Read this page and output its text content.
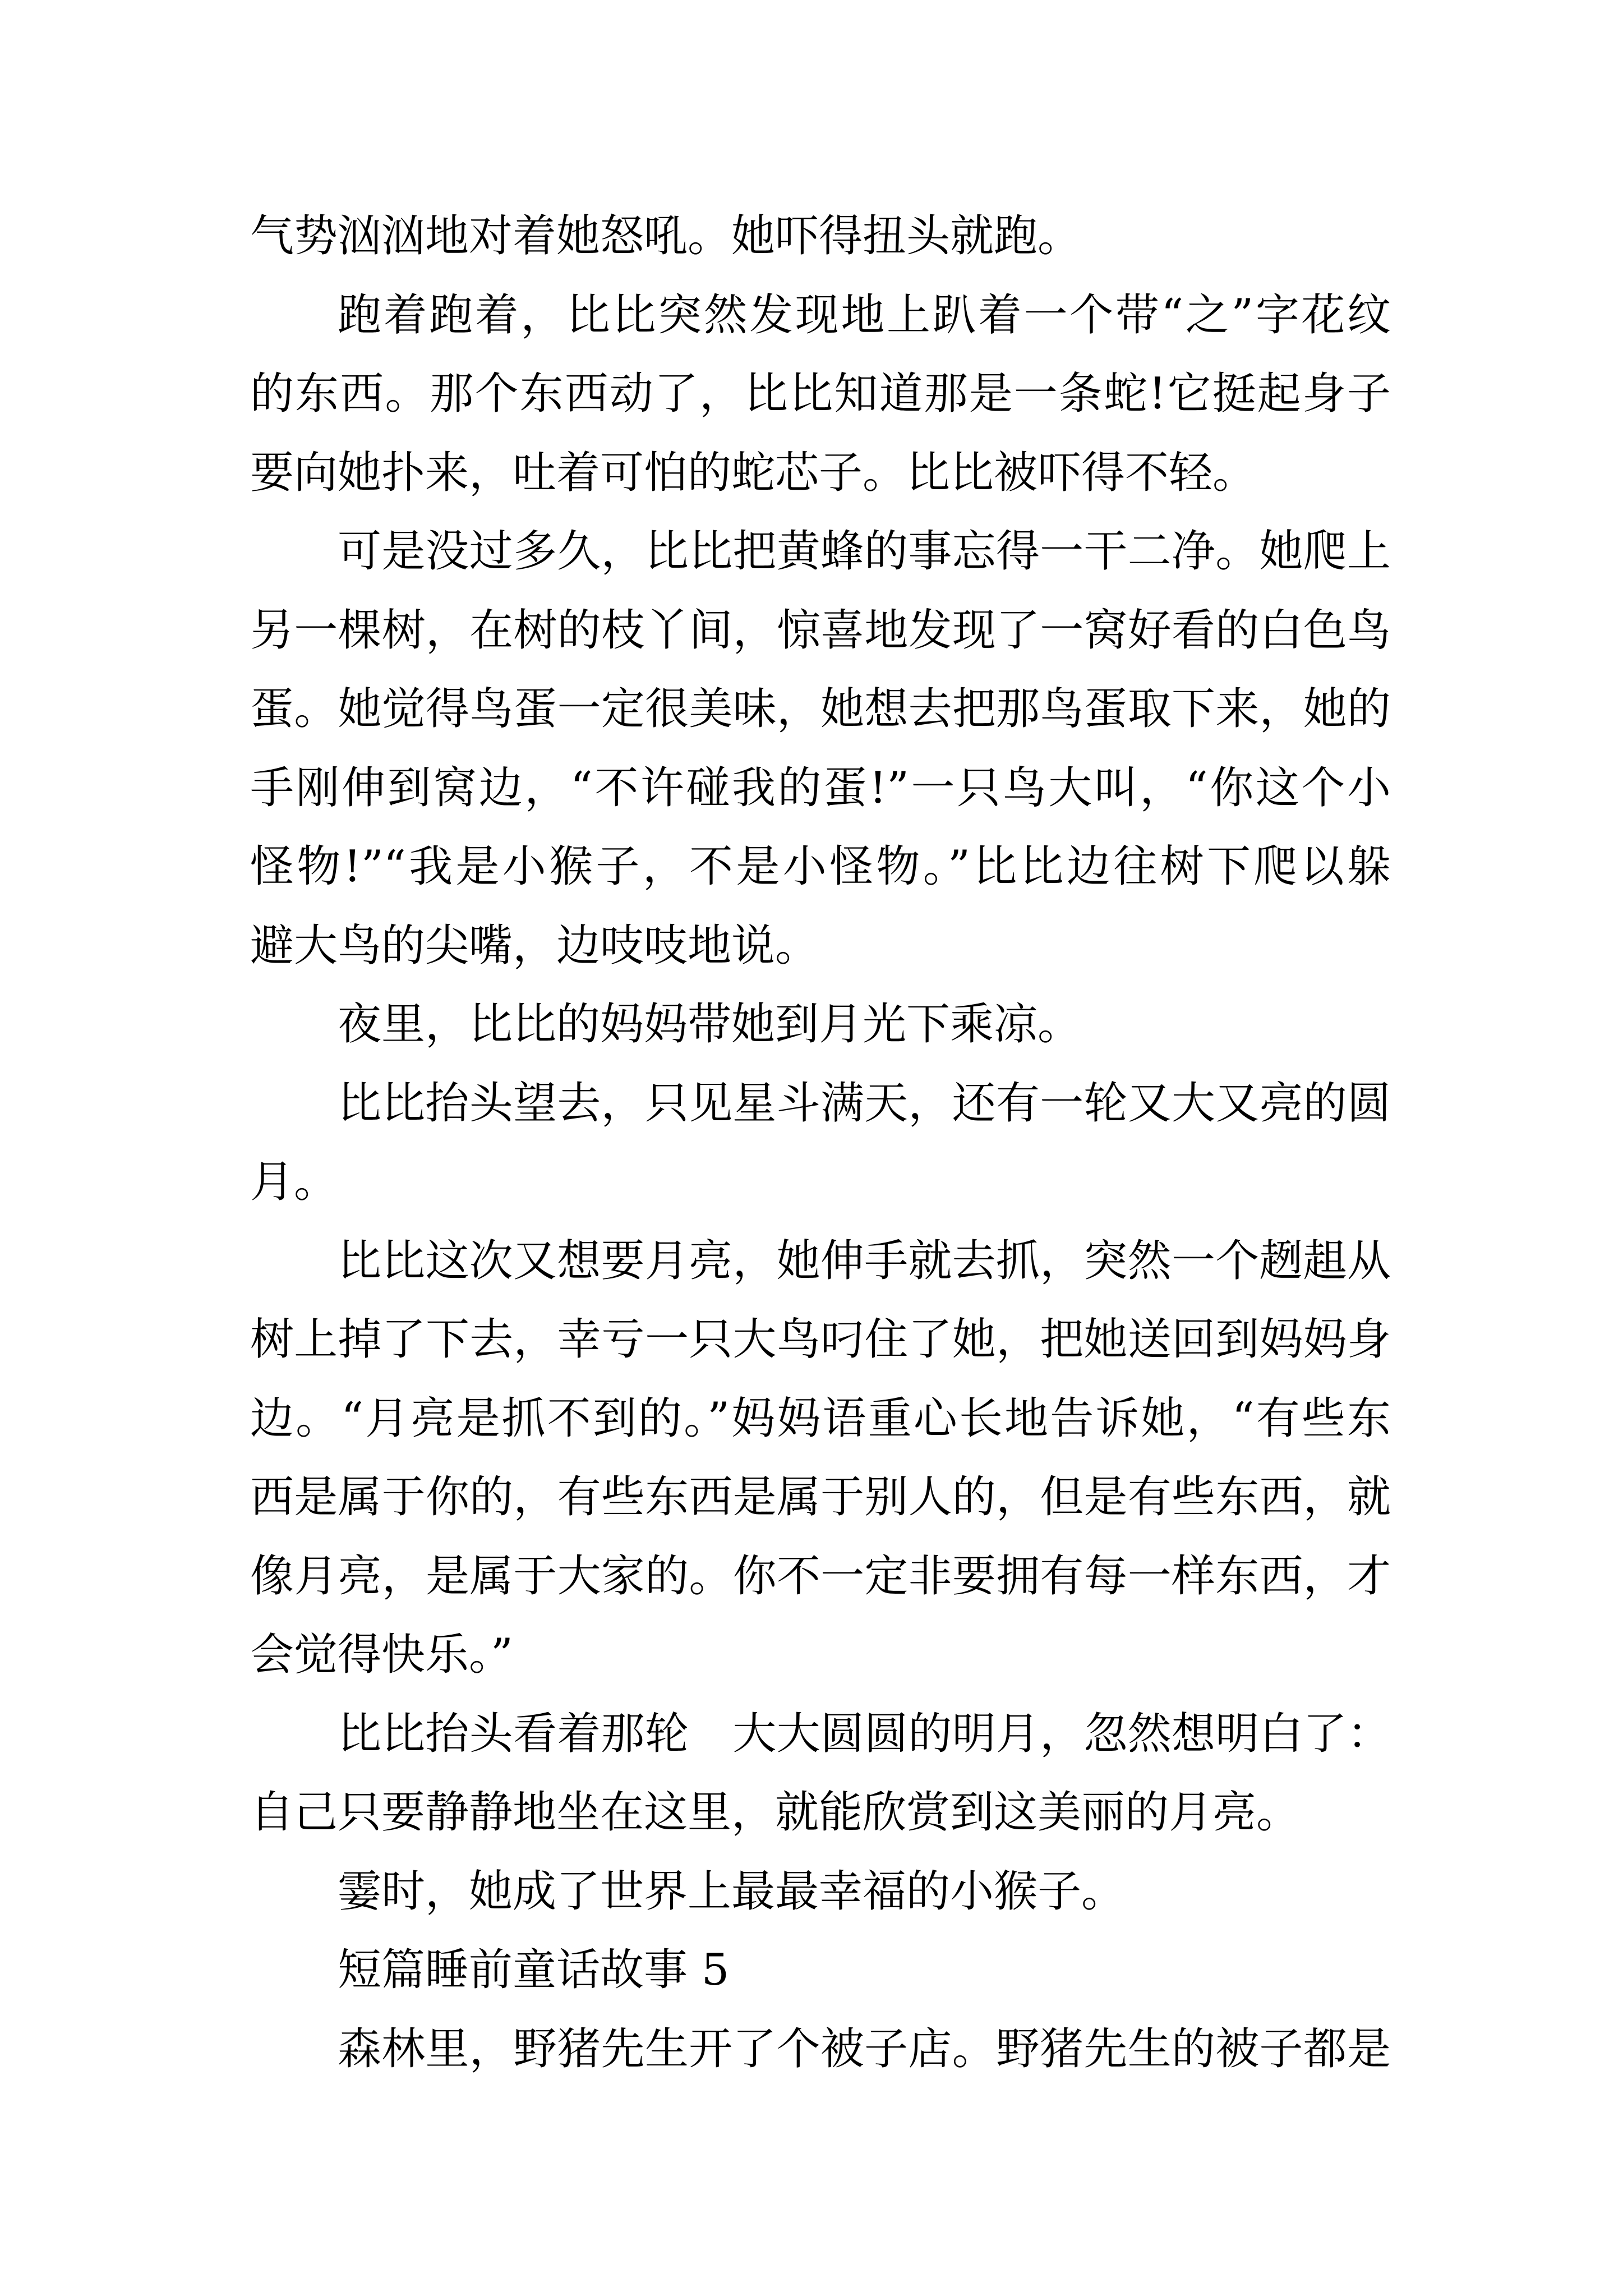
气势汹汹地对着她怒吼。她吓得扭头就跑。

跑着跑着，比比突然发现地上趴着一个带“之”字花纹
的东西。那个东西动了，比比知道那是一条蛇!它挺起身子
要向她扑来，吐着可怕的蛇芯子。比比被吓得不轻。

可是没过多久，比比把黄蜂的事忘得一干二净。她爬上
另一棵树，在树的枝丫间，惊喜地发现了一窝好看的白色鸟
蛋。她觉得鸟蛋一定很美味，她想去把那鸟蛋取下来，她的
手刚伸到窝边，“不许碰我的蛋!”一只鸟大叫，“你这个小
怪物!”“我是小猴子，不是小怪物。”比比边往树下爬以躲
避大鸟的尖嘴，边吱吱地说。

夜里，比比的妈妈带她到月光下乘凉。

比比抬头望去，只见星斗满天，还有一轮又大又亮的圆
月。

比比这次又想要月亮，她伸手就去抓，突然一个趔趄从
树上掉了下去，幸亏一只大鸟叼住了她，把她送回到妈妈身
边。“月亮是抓不到的。”妈妈语重心长地告诉她，“有些东
西是属于你的，有些东西是属于别人的，但是有些东西，就
像月亮，是属于大家的。你不一定非要拥有每一样东西，才
会觉得快乐。”

比比抬头看着那轮　大大圆圆的明月，忽然想明白了：
自己只要静静地坐在这里，就能欣赏到这美丽的月亮。

霎时，她成了世界上最最幸福的小猴子。

短篇睡前童话故事 5

森林里，野猪先生开了个被子店。野猪先生的被子都是
